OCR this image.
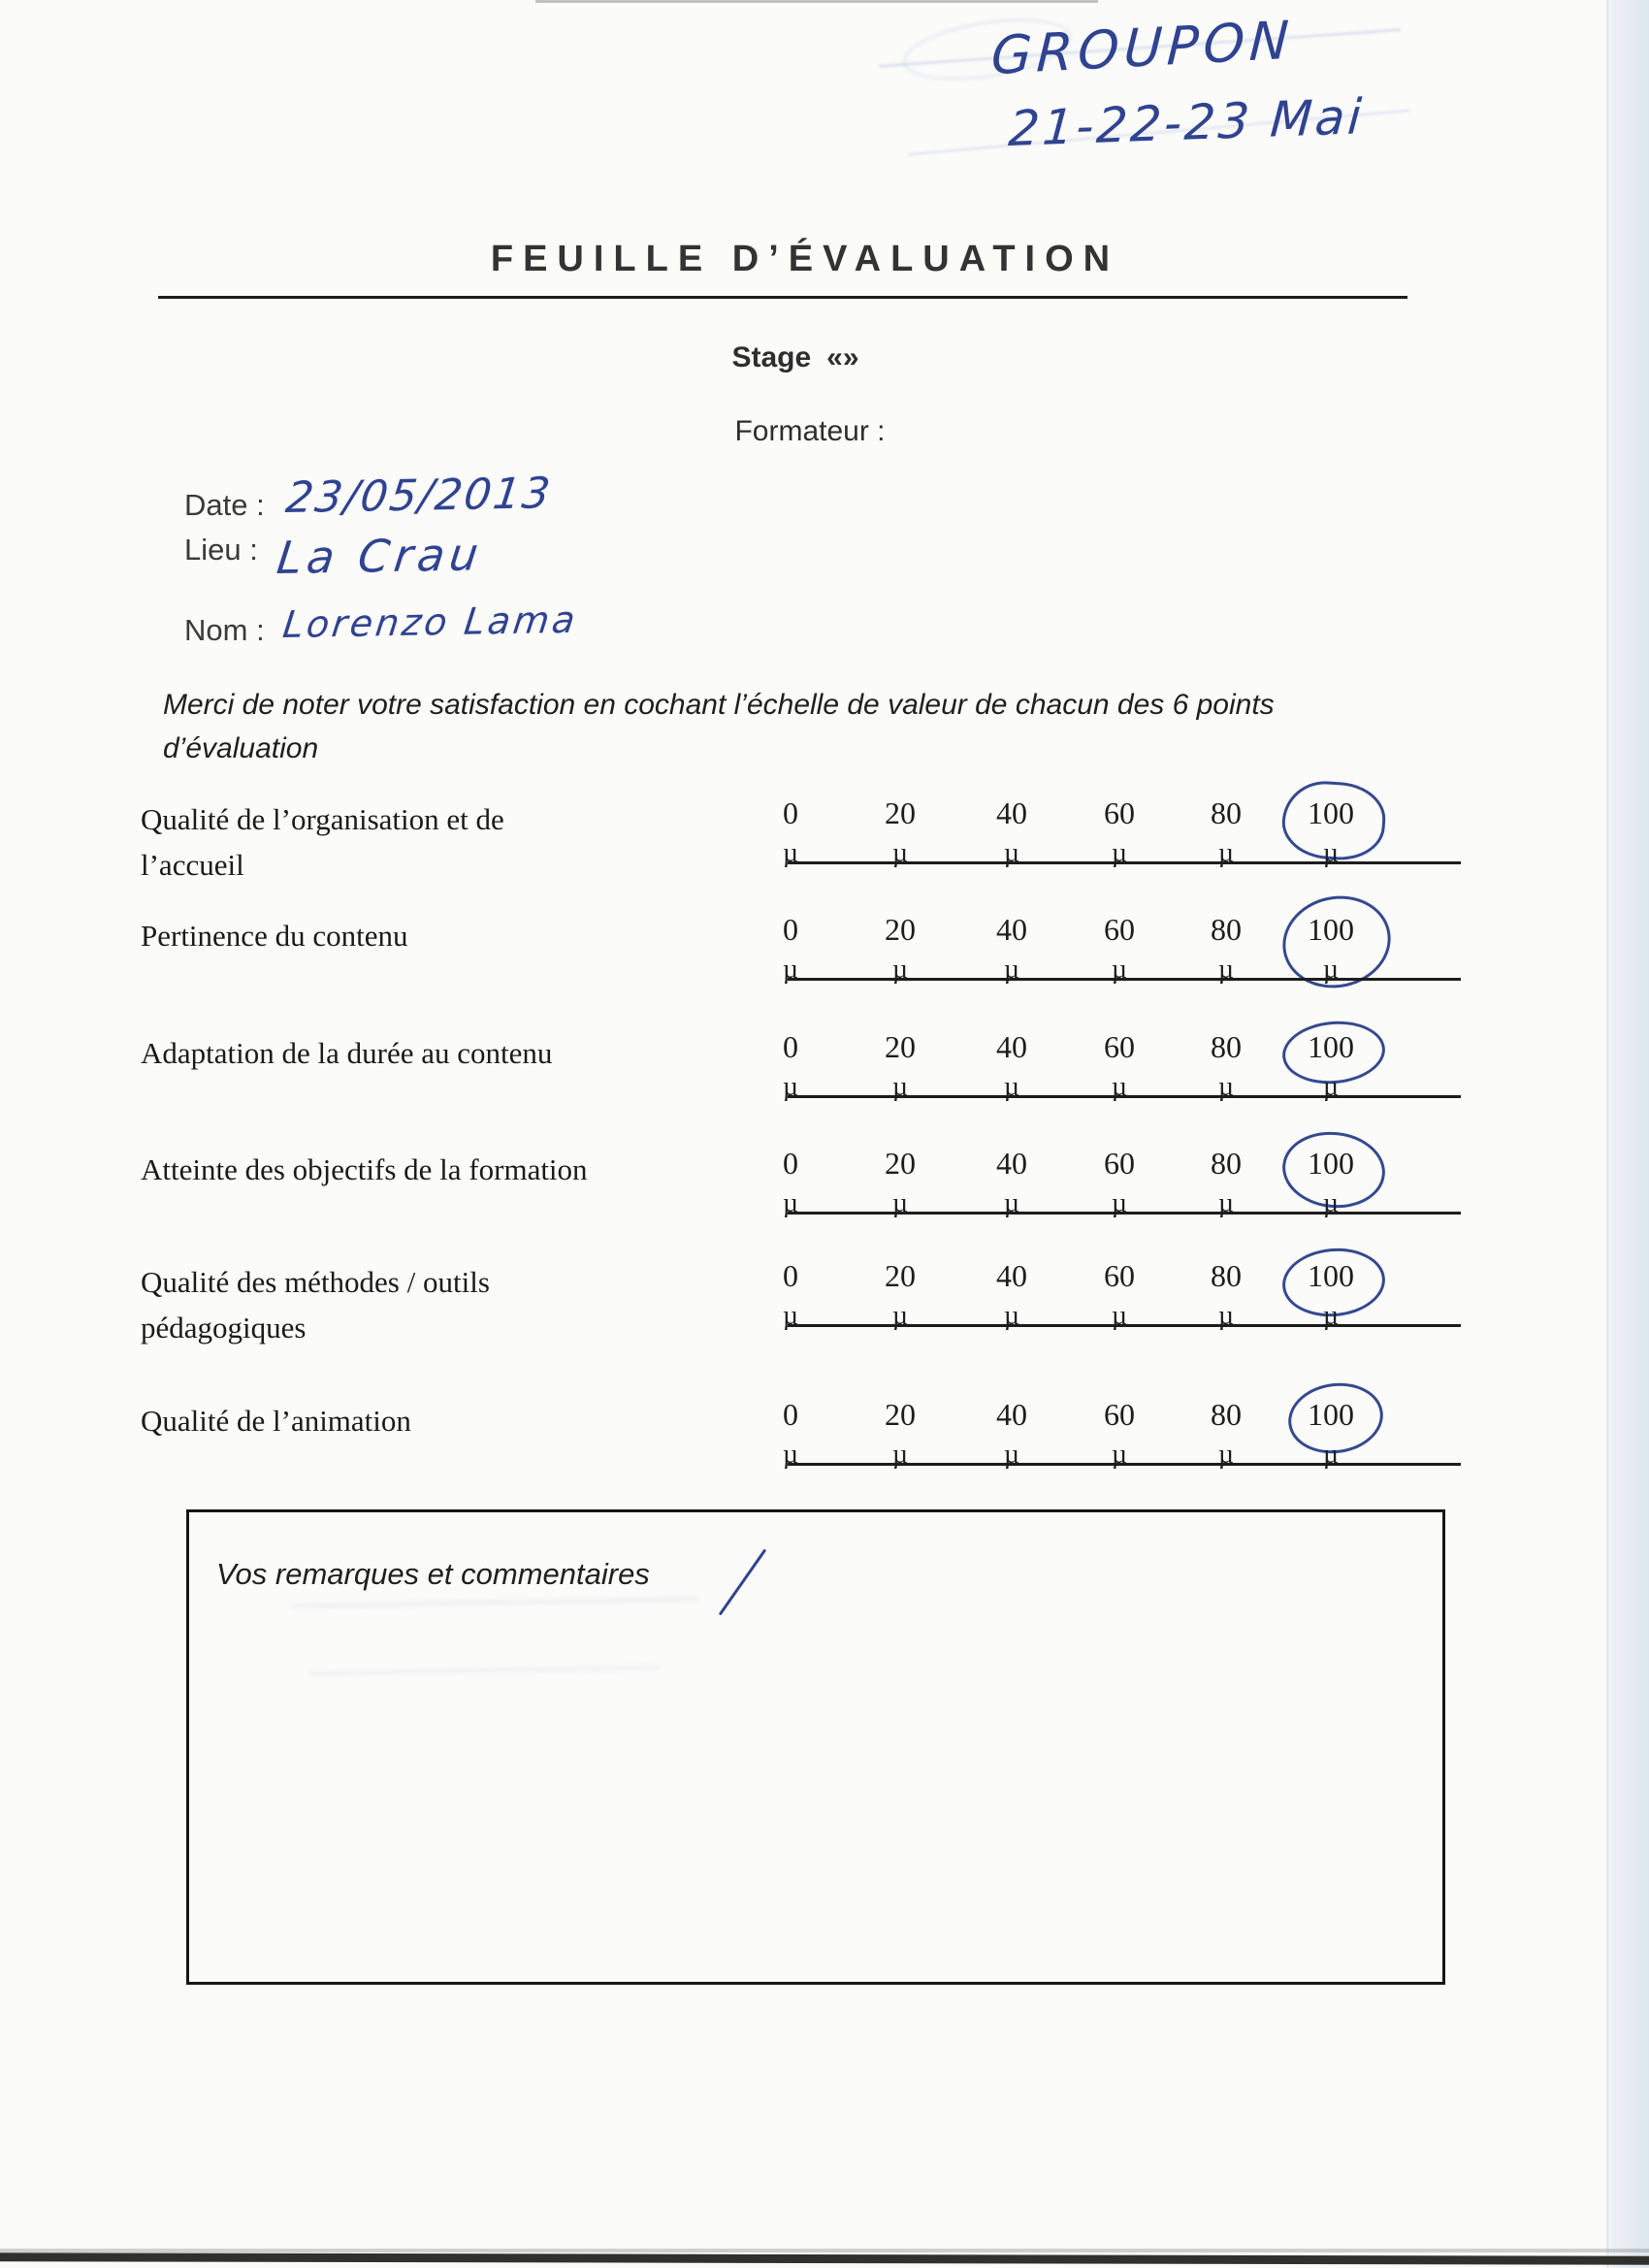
GROUPON
21-22-23 Mai
FEUILLE D’ÉVALUATION
Stage «»
Formateur :
Date : 23/05/2013
Lieu : La Crau
Nom : Lorenzo Lama
Merci de noter votre satisfaction en cochant l’échelle de valeur de chacun des 6 points d’évaluation
Qualité de l’organisation et de l’accueil
0	20	40 60 80 100
µ	µ	µ	µ	µ	µ
Pertinence du contenu	0	20	40 60 80 100
µ	µ	µ	µ	µ	µ
Adaptation de la durée au contenu	0	20	40 60 80 100
µ	µ	µ	µ	µ	µ
Atteinte des objectifs de la formation	0	20	40 60 80 100
µ	µ	µ	µ	µ	µ
Qualité des méthodes / outils pédagogiques
0	20	40 60 80 100
µ	µ	µ	µ	µ	µ
Qualité de l’animation	0	20	40 60 80 100
µ	µ	µ	µ	µ	µ
Vos remarques et commentaires
